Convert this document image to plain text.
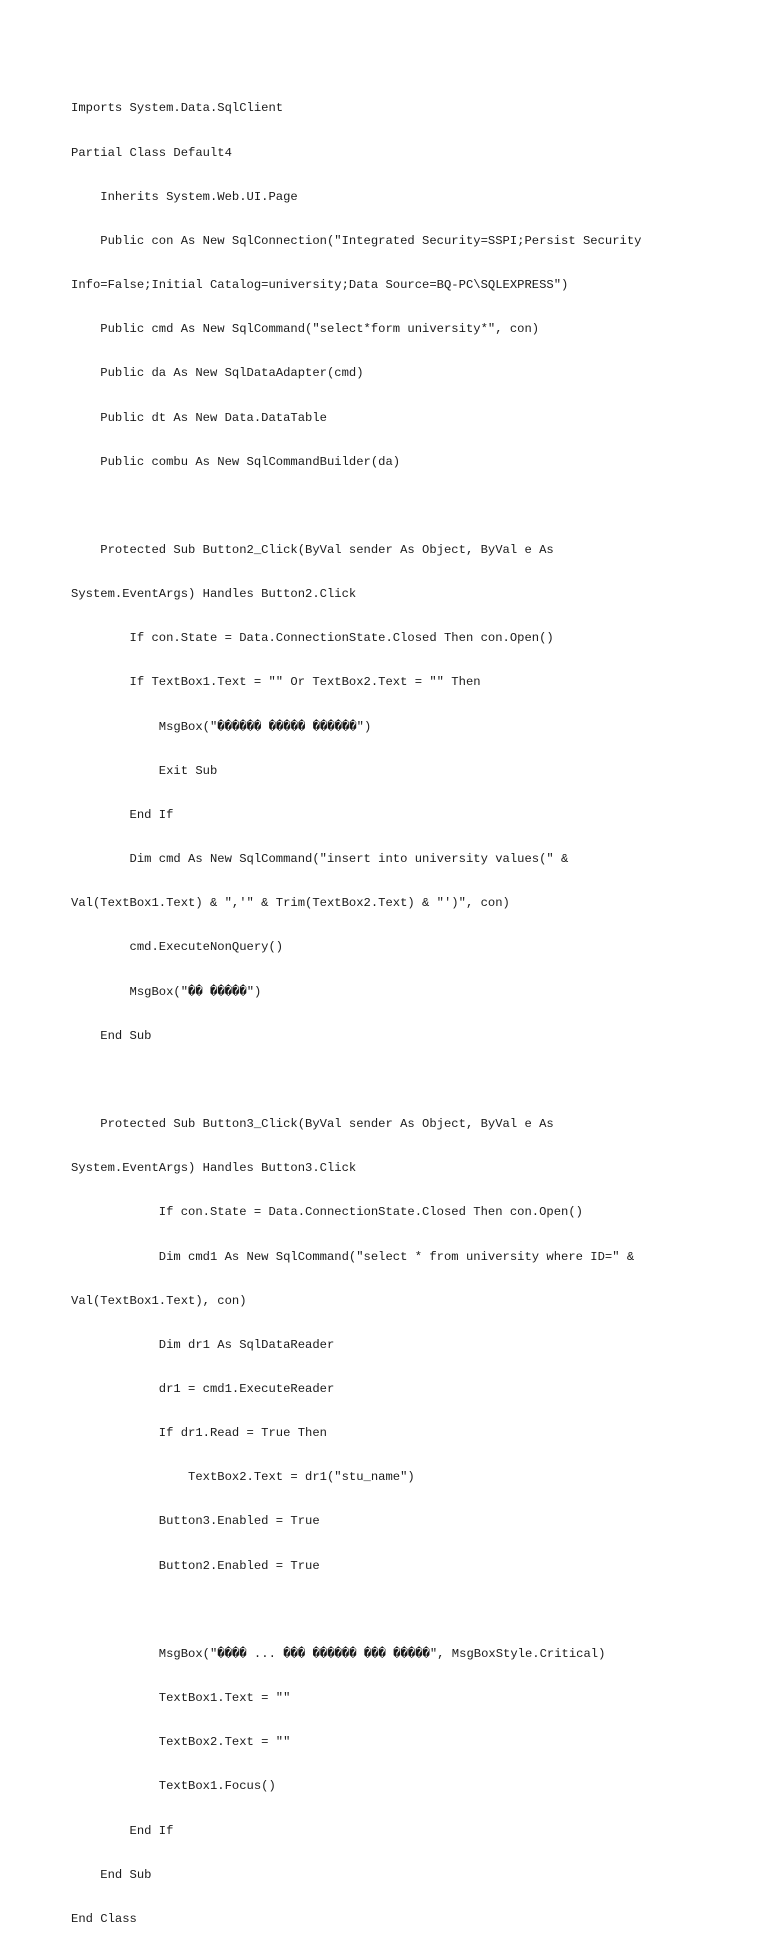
Imports System.Data.SqlClient

Partial Class Default4

Inherits System.Web.UI.Page

Public con As New SqlConnection("Integrated Security=SSPI;Persist Security

Info=False;Initial Catalog=university;Data Source=BQ-PC\SQLEXPRESS")

Public cmd As New SqlCommand("select*form university*", con)

Public da As New SqlDataAdapter(cmd)

Public dt As New Data.DataTable

Public combu As New SqlCommandBuilder(da)

Protected Sub Button2_Click(ByVal sender As Object, ByVal e As

System.EventArgs) Handles Button2.Click

If con.State = Data.ConnectionState.Closed Then con.Open()

If TextBox1.Text = "" Or TextBox2.Text = "" Then

MsgBox("������ ����� ������")

Exit Sub

End If

Dim cmd As New SqlCommand("insert into university values(" &

Val(TextBox1.Text) & ",'" & Trim(TextBox2.Text) & "')", con)

cmd.ExecuteNonQuery()

MsgBox("�� �����")

End Sub

Protected Sub Button3_Click(ByVal sender As Object, ByVal e As

System.EventArgs) Handles Button3.Click

If con.State = Data.ConnectionState.Closed Then con.Open()

Dim cmd1 As New SqlCommand("select * from university where ID=" &

Val(TextBox1.Text), con)

Dim dr1 As SqlDataReader

dr1 = cmd1.ExecuteReader

If dr1.Read = True Then

TextBox2.Text = dr1("stu_name")

Button3.Enabled = True

Button2.Enabled = True

MsgBox("���� ... ��� ������ ��� �����", MsgBoxStyle.Critical)

TextBox1.Text = ""

TextBox2.Text = ""

TextBox1.Focus()

End If

End Sub

End Class
